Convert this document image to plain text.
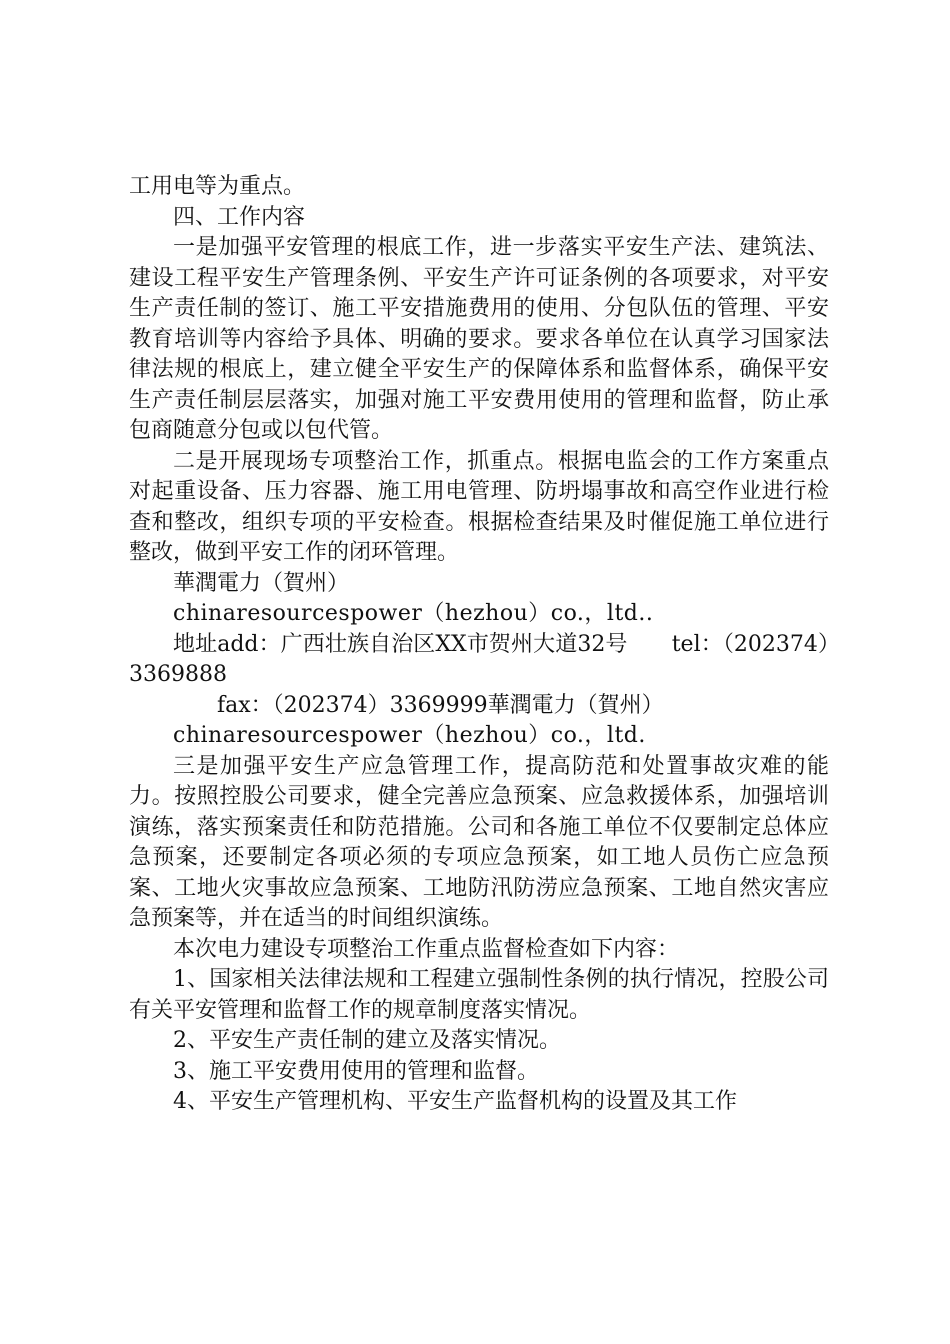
工用电等为重点。

四、工作内容

一是加强平安管理的根底工作，进一步落实平安生产法、建筑法、建设工程平安生产管理条例、平安生产许可证条例的各项要求，对平安生产责任制的签订、施工平安措施费用的使用、分包队伍的管理、平安教育培训等内容给予具体、明确的要求。要求各单位在认真学习国家法律法规的根底上，建立健全平安生产的保障体系和监督体系，确保平安生产责任制层层落实，加强对施工平安费用使用的管理和监督，防止承包商随意分包或以包代管。

二是开展现场专项整治工作，抓重点。根据电监会的工作方案重点对起重设备、压力容器、施工用电管理、防坍塌事故和高空作业进行检查和整改，组织专项的平安检查。根据检查结果及时催促施工单位进行整改，做到平安工作的闭环管理。

華潤電力（賀州）

chinaresourcespower（hezhou）co.，ltd..

地址add：广西壮族自治区XX市贺州大道32号　　tel：（202374）3369888

fax：（202374）3369999華潤電力（賀州）

chinaresourcespower（hezhou）co.，ltd.

三是加强平安生产应急管理工作，提高防范和处置事故灾难的能力。按照控股公司要求，健全完善应急预案、应急救援体系，加强培训演练，落实预案责任和防范措施。公司和各施工单位不仅要制定总体应急预案，还要制定各项必须的专项应急预案，如工地人员伤亡应急预案、工地火灾事故应急预案、工地防汛防涝应急预案、工地自然灾害应急预案等，并在适当的时间组织演练。

本次电力建设专项整治工作重点监督检查如下内容：

1、国家相关法律法规和工程建立强制性条例的执行情况，控股公司有关平安管理和监督工作的规章制度落实情况。

2、平安生产责任制的建立及落实情况。

3、施工平安费用使用的管理和监督。

4、平安生产管理机构、平安生产监督机构的设置及其工作
